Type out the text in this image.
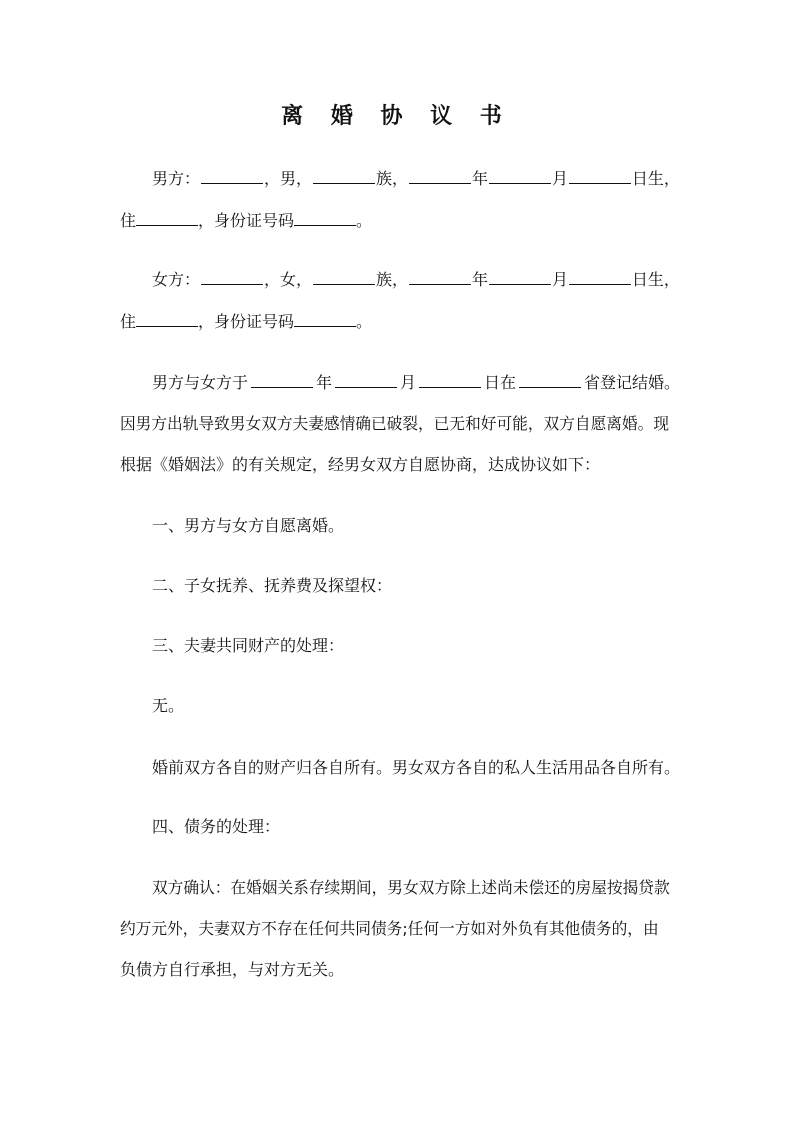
离 婚 协 议 书
男方：	，男，	族，	年	月	日生，
住	，身份证号码	。
女方：	，女，	族，	年	月	日生，
住	，身份证号码	。
男方与女方于	年	月	日在	省登记结婚。
因男方出轨导致男女双方夫妻感情确已破裂，已无和好可能，双方自愿离婚。现
根据《婚姻法》的有关规定，经男女双方自愿协商，达成协议如下：
一、男方与女方自愿离婚。
二、子女抚养、抚养费及探望权：
三、夫妻共同财产的处理：
无。
婚前双方各自的财产归各自所有。男女双方各自的私人生活用品各自所有。
四、债务的处理：
双方确认：在婚姻关系存续期间，男女双方除上述尚未偿还的房屋按揭贷款
约万元外，夫妻双方不存在任何共同债务;任何一方如对外负有其他债务的，由
负债方自行承担，与对方无关。
